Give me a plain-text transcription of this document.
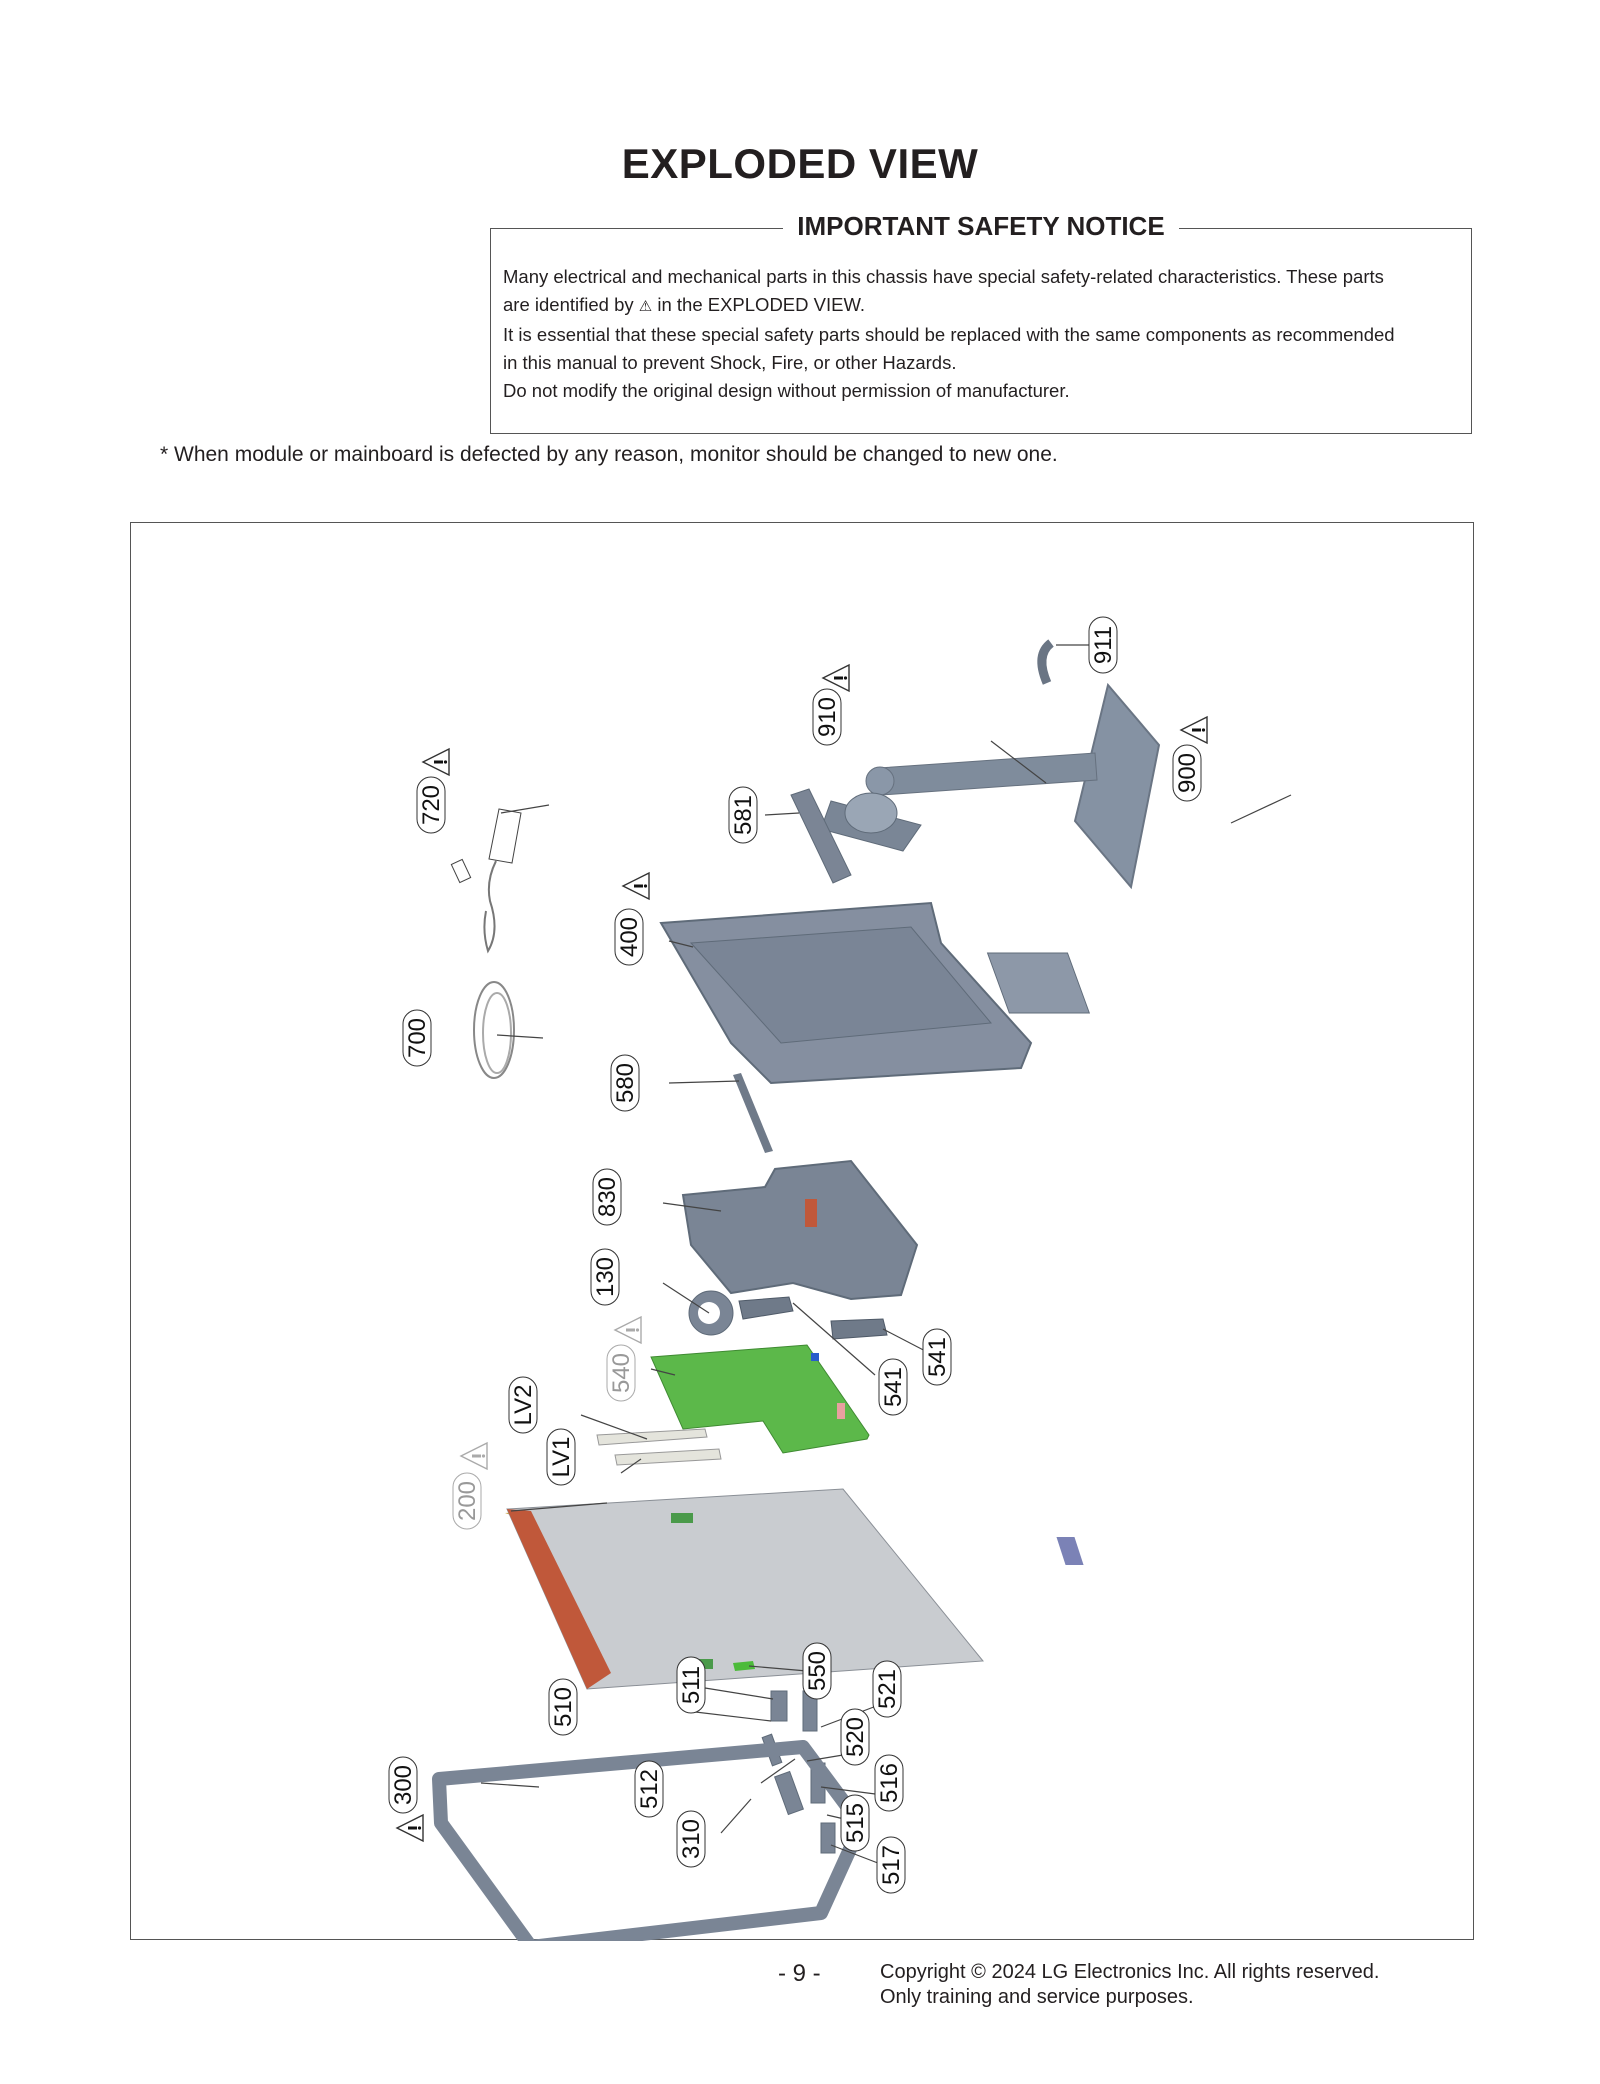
EXPLODED VIEW
IMPORTANT SAFETY NOTICE

Many electrical and mechanical parts in this chassis have special safety-related characteristics. These parts

are identified by ⚠ in the EXPLODED VIEW.

It is essential that these special safety parts should be replaced with the same components as recommended

in this manual to prevent Shock, Fire, or other Hazards.

Do not modify the original design without permission of manufacturer.

* When module or mainboard is defected by any reason, monitor should be changed to new one.
911
910
900
720	581
400
700
580
830
130
541
541
540
LV2
LV1
200
550
511	521
510
520
300	512	516
515
310
517
- 9 -	Copyright © 2024 LG Electronics Inc. All rights reserved.
Only training and service purposes.
